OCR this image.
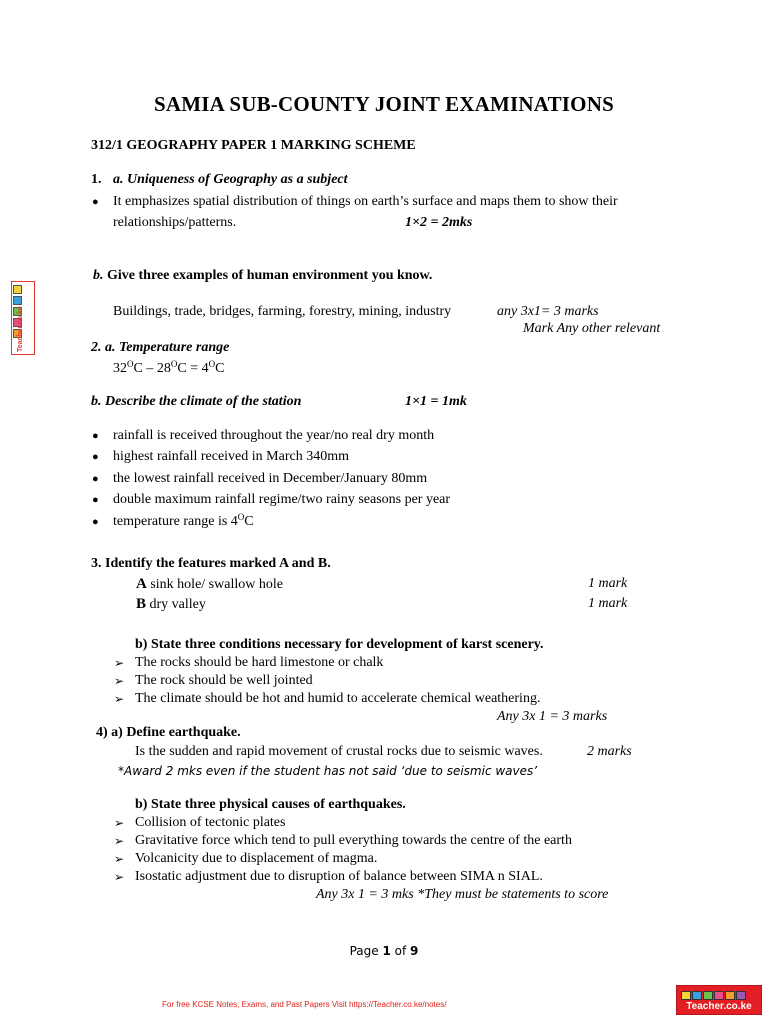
SAMIA SUB-COUNTY JOINT EXAMINATIONS
312/1 GEOGRAPHY PAPER 1 MARKING SCHEME
1. a. Uniqueness of Geography as a subject
● It emphasizes spatial distribution of things on earth’s surface and maps them to show their
relationships/patterns.	1×2 = 2mks
b. Give three examples of human environment you know.
Buildings, trade, bridges, farming, forestry, mining, industry	any 3x1= 3 marks
Mark Any other relevant
2. a. Temperature range
$32^OC - 28^OC = 4^OC$
b. Describe the climate of the station	1×1 = 1mk
● rainfall is received throughout the year/no real dry month
● highest rainfall received in March 340mm
● the lowest rainfall received in December/January 80mm
● double maximum rainfall regime/two rainy seasons per year
● temperature range is $4^OC$
3. Identify the features marked A and B.
A sink hole/ swallow hole	1 mark
B dry valley	1 mark
b) State three conditions necessary for development of karst scenery.
➢ The rocks should be hard limestone or chalk
➢ The rock should be well jointed
➢ The climate should be hot and humid to accelerate chemical weathering.
Any 3x 1 = 3 marks
4) a) Define earthquake.
Is the sudden and rapid movement of crustal rocks due to seismic waves.	2 marks
*Award 2 mks even if the student has not said ‘due to seismic waves’
b) State three physical causes of earthquakes.
➢ Collision of tectonic plates
➢ Gravitative force which tend to pull everything towards the centre of the earth
➢ Volcanicity due to displacement of magma.
➢ Isostatic adjustment due to disruption of balance between SIMA n SIAL.
Any 3x 1 = 3 mks *They must be statements to score
Page 1 of 9
For free KCSE Notes, Exams, and Past Papers Visit https://Teacher.co.ke/notes/
Teacher.co.ke
Teacher.co.ke
